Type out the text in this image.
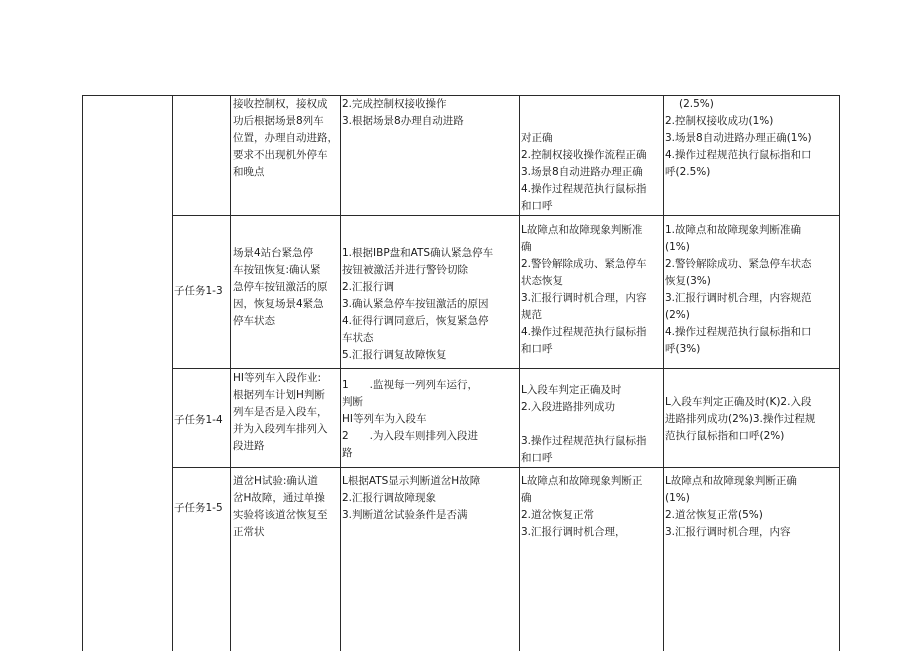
接收控制权，接权成
功后根据场景8列车
位置，办理自动进路，
要求不出现机外停车
和晚点
2.完成控制权接收操作
3.根据场景8办理自动进路

对正确
2.控制权接收操作流程正确
3.场景8自动进路办理正确
4.操作过程规范执行鼠标指
和口呼
(2.5%)
2.控制权接收成功(1%)
3.场景8自动进路办理正确(1%)
4.操作过程规范执行鼠标指和口
呼(2.5%)
子任务1-3
场景4站台紧急停
车按钮恢复:确认紧
急停车按钮激活的原
因，恢复场景4紧急
停车状态
1.根据IBP盘和ATS确认紧急停车
按钮被激活并进行警铃切除
2.汇报行调
3.确认紧急停车按钮激活的原因
4.征得行调同意后，恢复紧急停
车状态
5.汇报行调复故障恢复
L故障点和故障现象判断准
确
2.警铃解除成功、紧急停车
状态恢复
3.汇报行调时机合理，内容
规范
4.操作过程规范执行鼠标指
和口呼
1.故障点和故障现象判断准确
(1%)
2.警铃解除成功、紧急停车状态
恢复(3%)
3.汇报行调时机合理，内容规范
(2%)
4.操作过程规范执行鼠标指和口
呼(3%)
子任务1-4
HI等列车入段作业:
根据列车计划H判断
列车是否是入段车，
并为入段列车排列入
段进路
1　　.监视每一列列车运行，
判断
HI等列车为入段车
2　　.为入段车则排列入段进
路
L入段车判定正确及时
2.入段进路排列成功

3.操作过程规范执行鼠标指
和口呼
L入段车判定正确及时(K)2.入段
进路排列成功(2%)3.操作过程规
范执行鼠标指和口呼(2%)
子任务1-5
道岔H试验:确认道
岔H故障，通过单操
实验将该道岔恢复至
正常状
L根据ATS显示判断道岔H故障
2.汇报行调故障现象
3.判断道岔试验条件是否满
L故障点和故障现象判断正
确
2.道岔恢复正常
3.汇报行调时机合理，
L故障点和故障现象判断正确
(1%)
2.道岔恢复正常(5%)
3.汇报行调时机合理，内容
